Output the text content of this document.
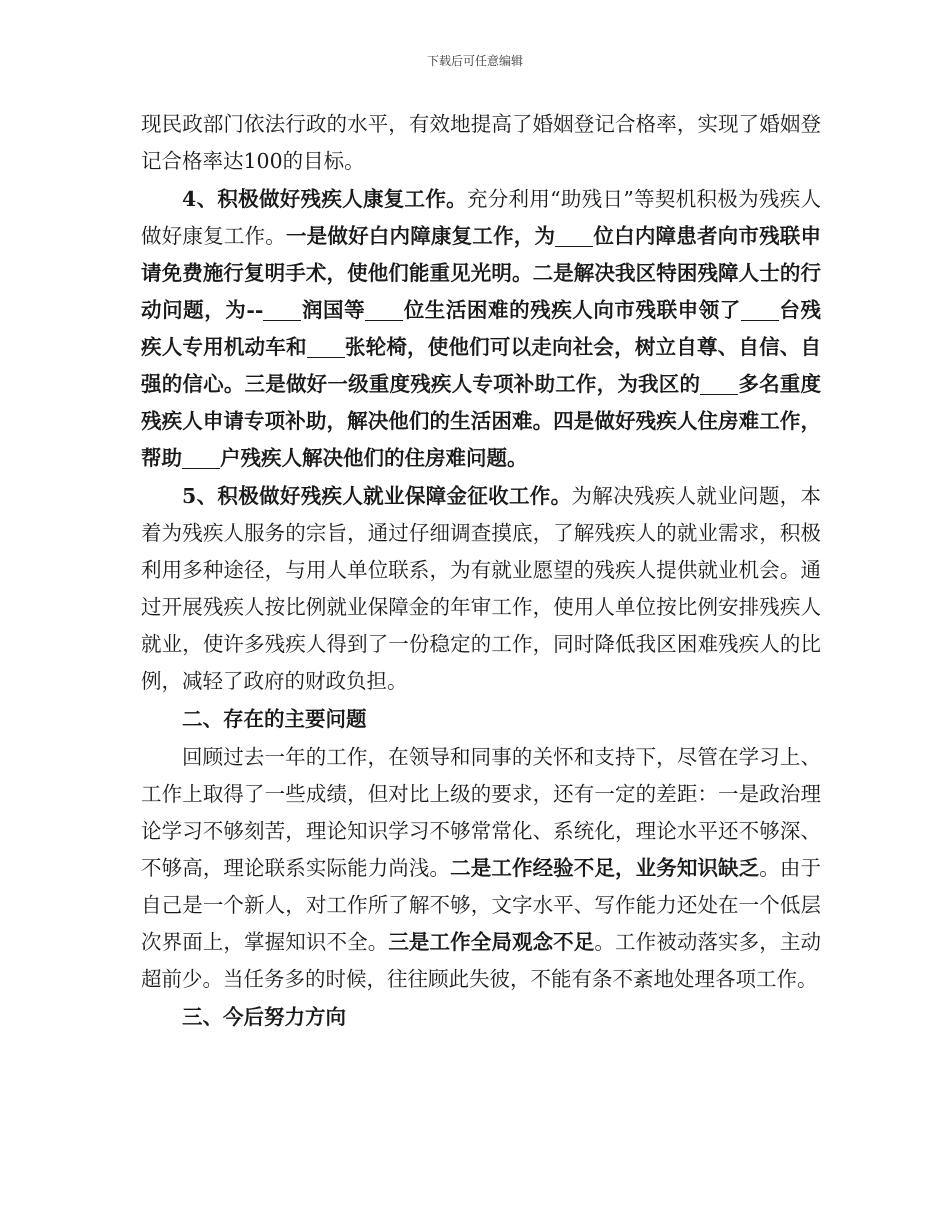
下载后可任意编辑

现民政部门依法行政的水平，有效地提高了婚姻登记合格率，实现了婚姻登记合格率达100的目标。

4、积极做好残疾人康复工作。充分利用“助残日”等契机积极为残疾人做好康复工作。一是做好白内障康复工作，为 位白内障患者向市残联申请免费施行复明手术，使他们能重见光明。二是解决我区特困残障人士的行动问题，为-- 润国等 位生活困难的残疾人向市残联申领了 台残疾人专用机动车和 张轮椅，使他们可以走向社会，树立自尊、自信、自强的信心。三是做好一级重度残疾人专项补助工作，为我区的 多名重度残疾人申请专项补助，解决他们的生活困难。四是做好残疾人住房难工作，帮助 户残疾人解决他们的住房难问题。

5、积极做好残疾人就业保障金征收工作。为解决残疾人就业问题，本着为残疾人服务的宗旨，通过仔细调查摸底，了解残疾人的就业需求，积极利用多种途径，与用人单位联系，为有就业愿望的残疾人提供就业机会。通过开展残疾人按比例就业保障金的年审工作，使用人单位按比例安排残疾人就业，使许多残疾人得到了一份稳定的工作，同时降低我区困难残疾人的比例，减轻了政府的财政负担。

二、存在的主要问题

回顾过去一年的工作，在领导和同事的关怀和支持下，尽管在学习上、工作上取得了一些成绩，但对比上级的要求，还有一定的差距：一是政治理论学习不够刻苦，理论知识学习不够常常化、系统化，理论水平还不够深、不够高，理论联系实际能力尚浅。二是工作经验不足，业务知识缺乏。由于自己是一个新人，对工作所了解不够，文字水平、写作能力还处在一个低层次界面上，掌握知识不全。三是工作全局观念不足。工作被动落实多，主动超前少。当任务多的时候，往往顾此失彼，不能有条不紊地处理各项工作。

三、今后努力方向
